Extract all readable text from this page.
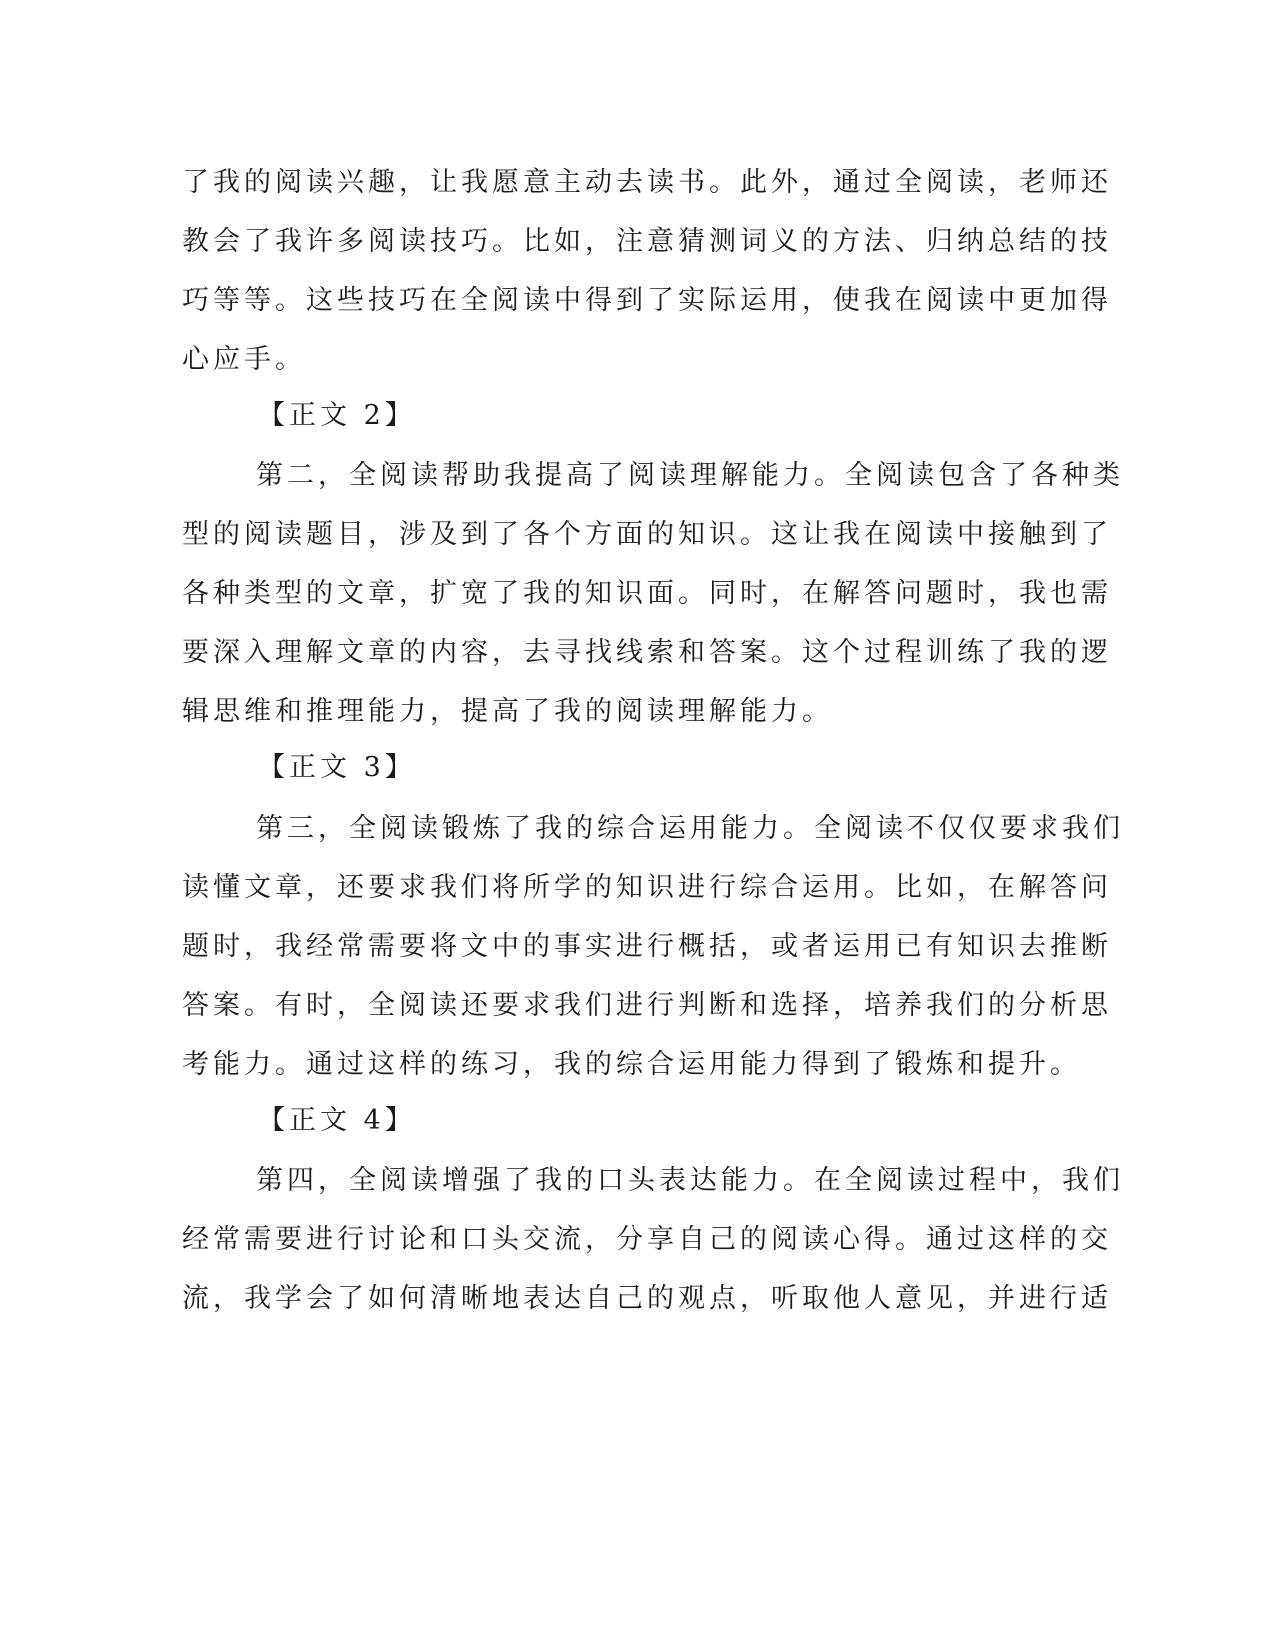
了我的阅读兴趣，让我愿意主动去读书。此外，通过全阅读，老师还
教会了我许多阅读技巧。比如，注意猜测词义的方法、归纳总结的技
巧等等。这些技巧在全阅读中得到了实际运用，使我在阅读中更加得
心应手。
【正文 2】
第二，全阅读帮助我提高了阅读理解能力。全阅读包含了各种类
型的阅读题目，涉及到了各个方面的知识。这让我在阅读中接触到了
各种类型的文章，扩宽了我的知识面。同时，在解答问题时，我也需
要深入理解文章的内容，去寻找线索和答案。这个过程训练了我的逻
辑思维和推理能力，提高了我的阅读理解能力。
【正文 3】
第三，全阅读锻炼了我的综合运用能力。全阅读不仅仅要求我们
读懂文章，还要求我们将所学的知识进行综合运用。比如，在解答问
题时，我经常需要将文中的事实进行概括，或者运用已有知识去推断
答案。有时，全阅读还要求我们进行判断和选择，培养我们的分析思
考能力。通过这样的练习，我的综合运用能力得到了锻炼和提升。
【正文 4】
第四，全阅读增强了我的口头表达能力。在全阅读过程中，我们
经常需要进行讨论和口头交流，分享自己的阅读心得。通过这样的交
流，我学会了如何清晰地表达自己的观点，听取他人意见，并进行适
